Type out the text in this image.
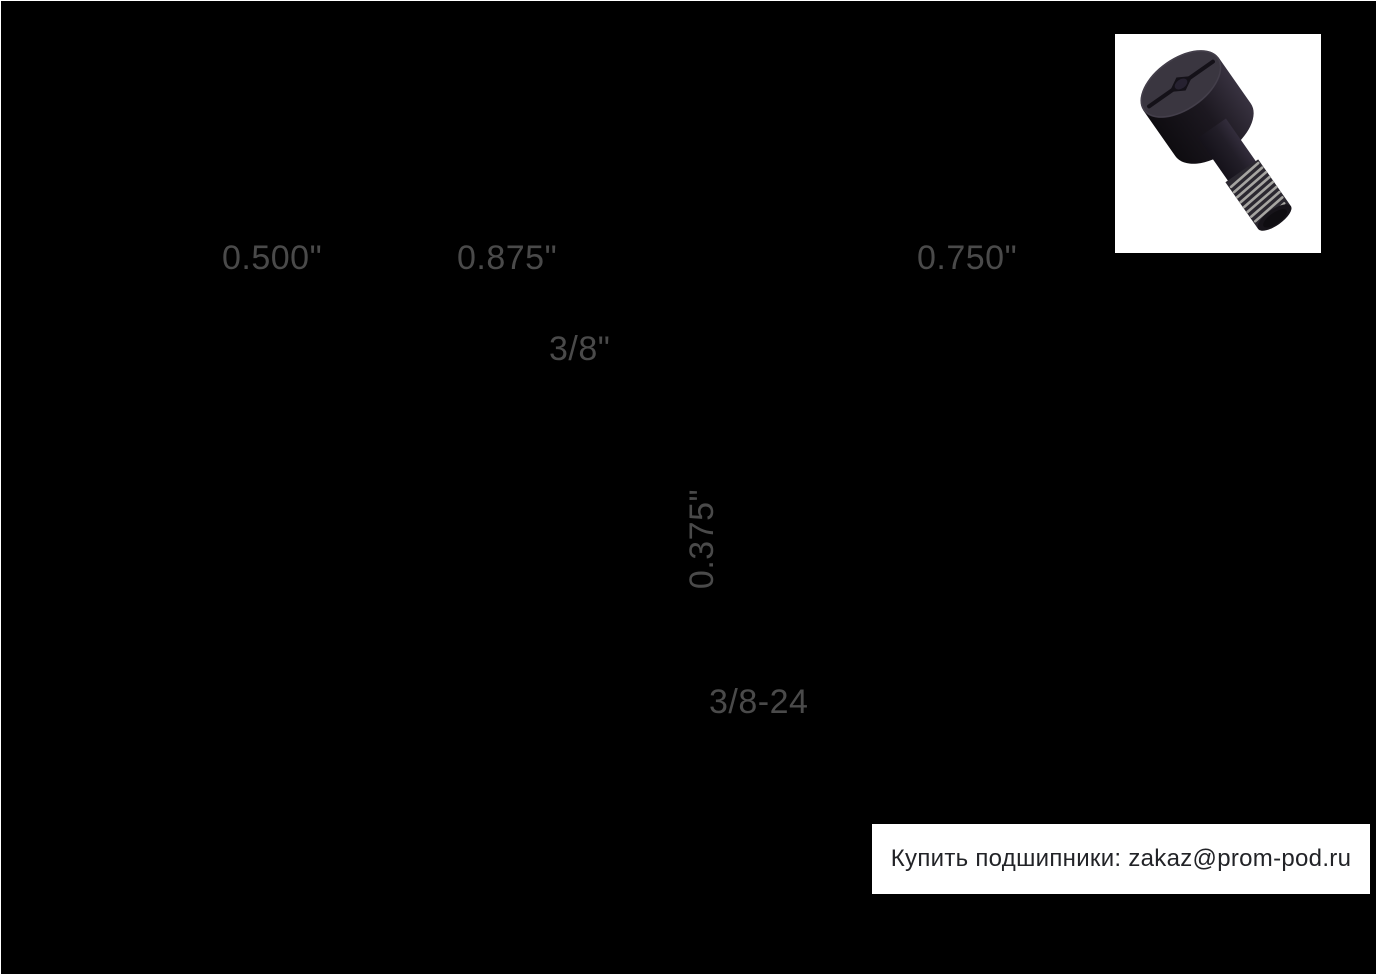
0.500"	0.875"	0.750"
3/8"
0.375"
3/8-24
Купить подшипники: zakaz@prom-pod.ru
